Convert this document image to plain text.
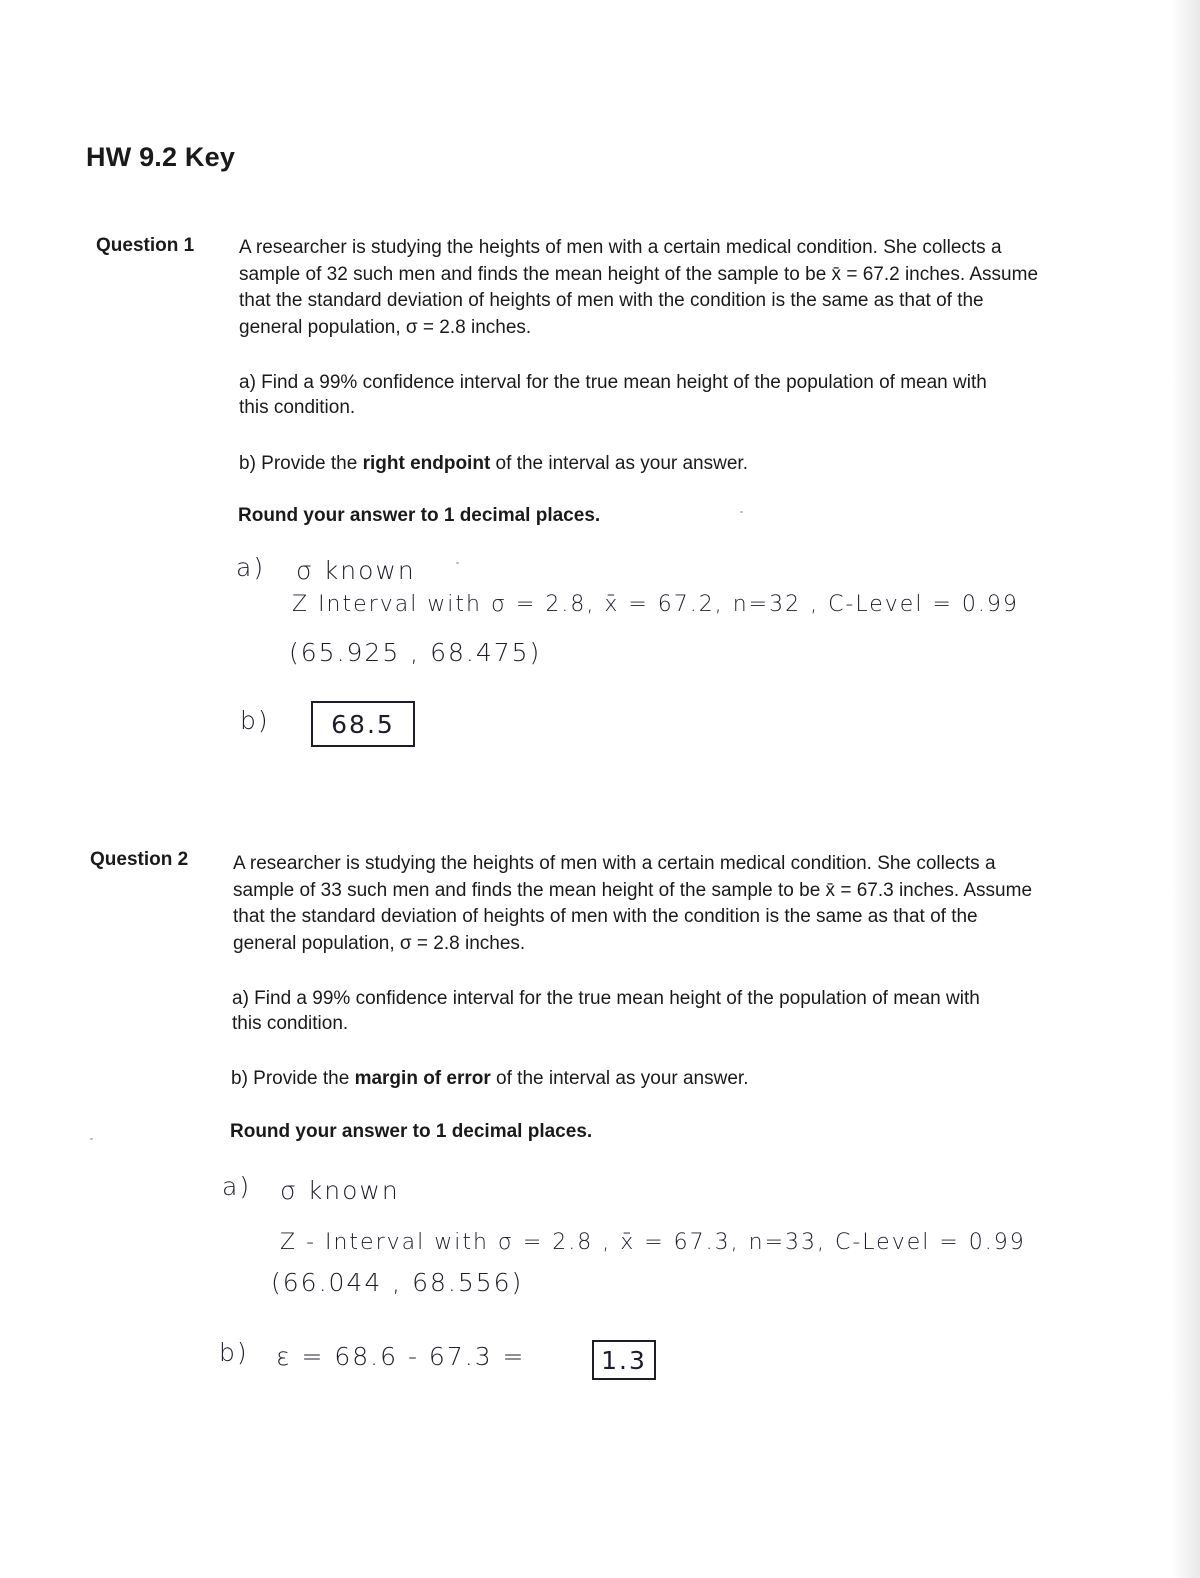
HW 9.2 Key
Question 1 A researcher is studying the heights of men with a certain medical condition. She collects a
sample of 32 such men and finds the mean height of the sample to be x̄ = 67.2 inches. Assume
that the standard deviation of heights of men with the condition is the same as that of the
general population, σ = 2.8 inches.
a) Find a 99% confidence interval for the true mean height of the population of mean with
this condition.
b) Provide the right endpoint of the interval as your answer.
Round your answer to 1 decimal places.
a) σ known
Z Interval with σ = 2.8, x̄ = 67.2, n=32 , C-Level = 0.99
(65.925 , 68.475)
b)	68.5
Question 2 A researcher is studying the heights of men with a certain medical condition. She collects a
sample of 33 such men and finds the mean height of the sample to be x̄ = 67.3 inches. Assume
that the standard deviation of heights of men with the condition is the same as that of the
general population, σ = 2.8 inches.
a) Find a 99% confidence interval for the true mean height of the population of mean with
this condition.
b) Provide the margin of error of the interval as your answer.
Round your answer to 1 decimal places.
a) σ known
Z - Interval with σ = 2.8 , x̄ = 67.3, n=33, C-Level = 0.99
(66.044 , 68.556)
b) ε = 68.6 - 67.3 =	1.3
